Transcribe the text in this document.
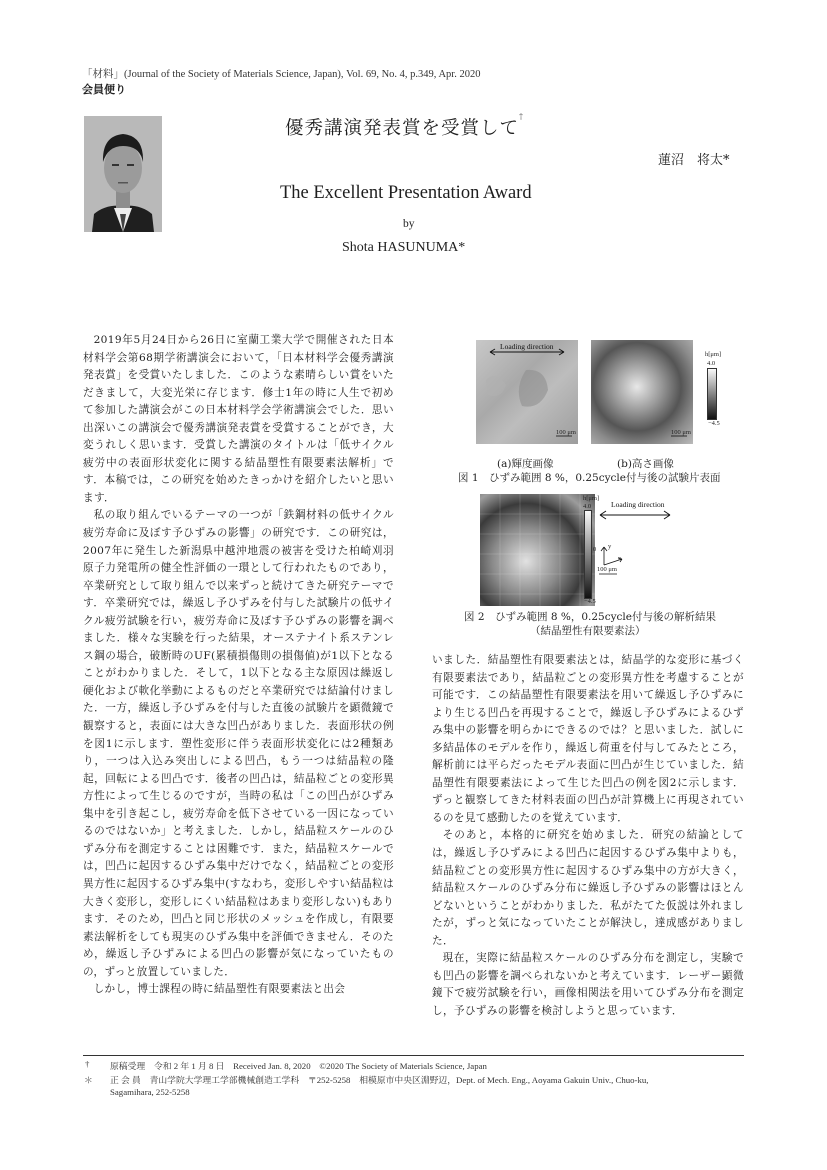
「材料」(Journal of the Society of Materials Science, Japan), Vol. 69, No. 4, p.349, Apr. 2020
会員便り
優秀講演発表賞を受賞して†
蓮沼　将太*
The Excellent Presentation Award
by
Shota HASUNUMA*

2019年5月24日から26日に室蘭工業大学で開催された日本材料学会第68期学術講演会において，「日本材料学会優秀講演発表賞」を受賞いたしました．このような素晴らしい賞をいただきまして，大変光栄に存じます．修士1年の時に人生で初めて参加した講演会がこの日本材料学会学術講演会でした．思い出深いこの講演会で優秀講演発表賞を受賞することができ，大変うれしく思います．受賞した講演のタイトルは「低サイクル疲労中の表面形状変化に関する結晶塑性有限要素法解析」です．本稿では，この研究を始めたきっかけを紹介したいと思います．

私の取り組んでいるテーマの一つが「鉄鋼材料の低サイクル疲労寿命に及ぼす予ひずみの影響」の研究です．この研究は，2007年に発生した新潟県中越沖地震の被害を受けた柏崎刈羽原子力発電所の健全性評価の一環として行われたものであり，卒業研究として取り組んで以来ずっと続けてきた研究テーマです．卒業研究では，繰返し予ひずみを付与した試験片の低サイクル疲労試験を行い，疲労寿命に及ぼす予ひずみの影響を調べました．様々な実験を行った結果，オーステナイト系ステンレス鋼の場合，破断時のUF(累積損傷則の損傷値)が1以下となることがわかりました．そして，1以下となる主な原因は繰返し硬化および軟化挙動によるものだと卒業研究では結論付けました．一方，繰返し予ひずみを付与した直後の試験片を顕微鏡で観察すると，表面には大きな凹凸がありました．表面形状の例を図1に示します．塑性変形に伴う表面形状変化には2種類あり，一つは入込み突出しによる凹凸，もう一つは結晶粒の隆起，回転による凹凸です．後者の凹凸は，結晶粒ごとの変形異方性によって生じるのですが，当時の私は「この凹凸がひずみ集中を引き起こし，疲労寿命を低下させている一因になっているのではないか」と考えました．しかし，結晶粒スケールのひずみ分布を測定することは困難です．また，結晶粒スケールでは，凹凸に起因するひずみ集中だけでなく，結晶粒ごとの変形異方性に起因するひずみ集中(すなわち，変形しやすい結晶粒は大きく変形し，変形しにくい結晶粒はあまり変形しない)もあります．そのため，凹凸と同じ形状のメッシュを作成し，有限要素法解析をしても現実のひずみ集中を評価できません．そのため，繰返し予ひずみによる凹凸の影響が気になっていたものの，ずっと放置していました．

しかし，博士課程の時に結晶塑性有限要素法と出会

Loading direction
100 μm	100 μm
h[μm]
4.0
−4.5
(a)輝度画像	(b)高さ画像
図 1　ひずみ範囲 8 %，0.25cycle付与後の試験片表面
h[μm]
4.0
0
−4.5
Loading direction
y
x
100 μm
図 2　ひずみ範囲 8 %，0.25cycle付与後の解析結果
（結晶塑性有限要素法）

いました．結晶塑性有限要素法とは，結晶学的な変形に基づく有限要素法であり，結晶粒ごとの変形異方性を考慮することが可能です．この結晶塑性有限要素法を用いて繰返し予ひずみにより生じる凹凸を再現することで，繰返し予ひずみによるひずみ集中の影響を明らかにできるのでは？と思いました．試しに多結晶体のモデルを作り，繰返し荷重を付与してみたところ，解析前には平らだったモデル表面に凹凸が生じていました．結晶塑性有限要素法によって生じた凹凸の例を図2に示します．ずっと観察してきた材料表面の凹凸が計算機上に再現されているのを見て感動したのを覚えています．

そのあと，本格的に研究を始めました．研究の結論としては，繰返し予ひずみによる凹凸に起因するひずみ集中よりも，結晶粒ごとの変形異方性に起因するひずみ集中の方が大きく，結晶粒スケールのひずみ分布に繰返し予ひずみの影響はほとんどないということがわかりました．私がたてた仮説は外れましたが，ずっと気になっていたことが解決し，達成感がありました．

現在，実際に結晶粒スケールのひずみ分布を測定し，実験でも凹凸の影響を調べられないかと考えています．レーザー顕微鏡下で疲労試験を行い，画像相関法を用いてひずみ分布を測定し，予ひずみの影響を検討しようと思っています．

† 原稿受理　令和 2 年 1 月 8 日　Received Jan. 8, 2020　©2020 The Society of Materials Science, Japan
＊ 正 会 員　青山学院大学理工学部機械創造工学科　〒252-5258　相模原市中央区淵野辺，Dept. of Mech. Eng., Aoyama Gakuin Univ., Chuo-ku,
Sagamihara, 252-5258
